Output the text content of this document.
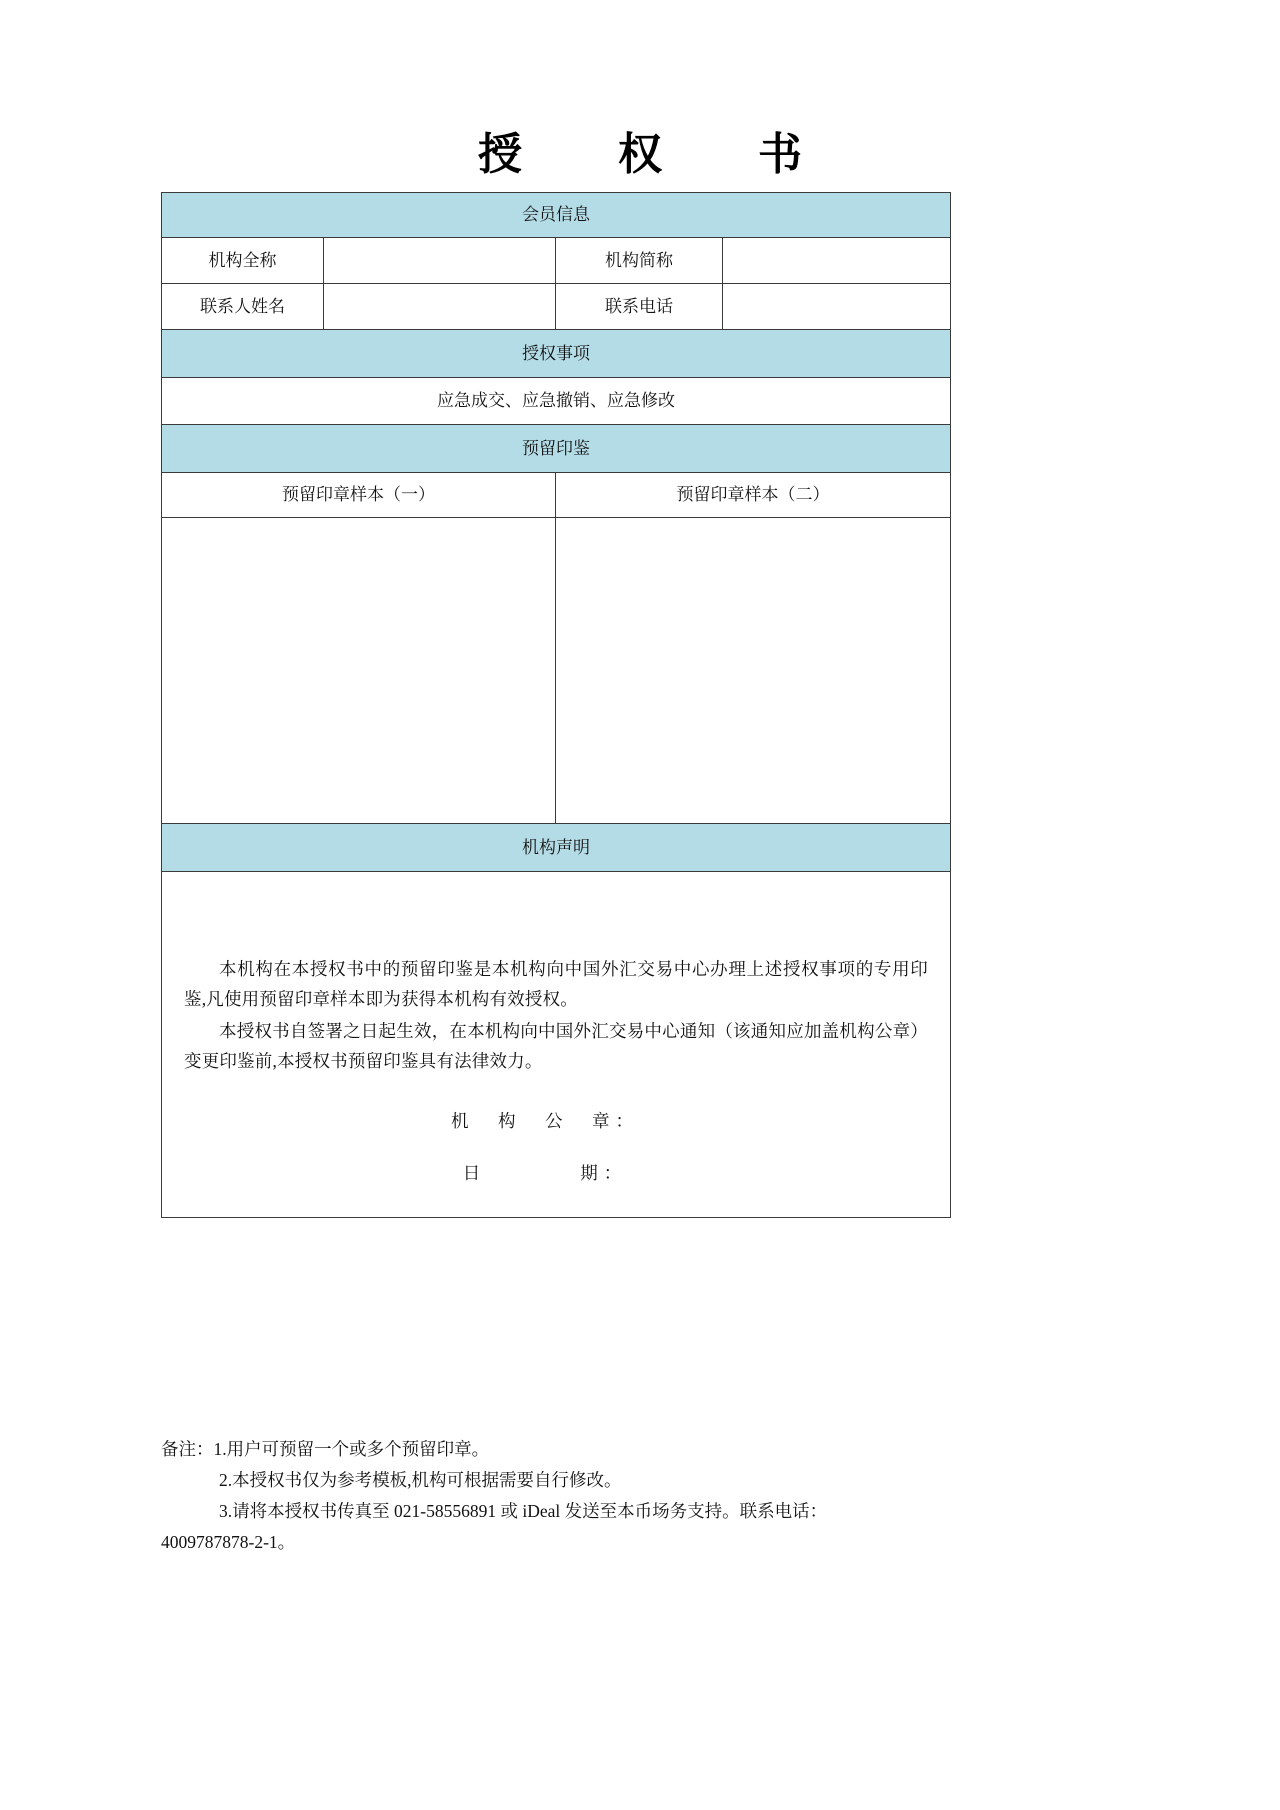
授　权　书
会员信息			
机构全称		机构简称	
联系人姓名		联系电话	
授权事项			
应急成交、应急撤销、应急修改			
预留印鉴			
预留印章样本（一）		预留印章样本（二）	

机构声明			

本机构在本授权书中的预留印鉴是本机构向中国外汇交易中心办理上述授权事项的专用印鉴,凡使用预留印章样本即为获得本机构有效授权。

本授权书自签署之日起生效，在本机构向中国外汇交易中心通知（该通知应加盖机构公章）变更印鉴前,本授权书预留印鉴具有法律效力。

机　构　公　章：

日　　　　期：			

备注：1.用户可预留一个或多个预留印章。

2.本授权书仅为参考模板,机构可根据需要自行修改。

3.请将本授权书传真至 021-58556891 或 iDeal 发送至本币场务支持。联系电话：

4009787878-2-1。
